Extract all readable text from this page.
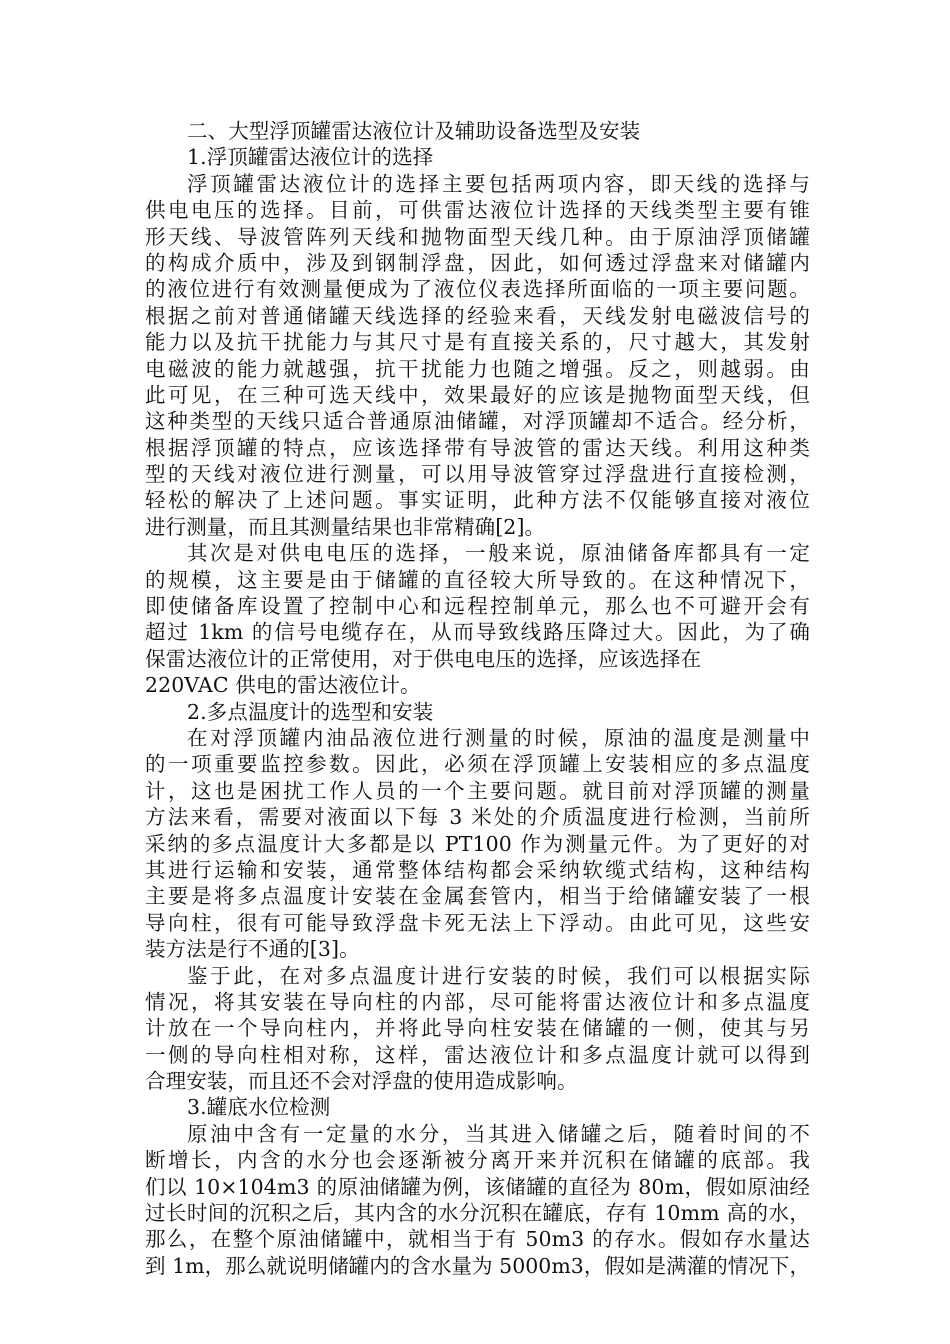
二、大型浮顶罐雷达液位计及辅助设备选型及安装
1.浮顶罐雷达液位计的选择
浮顶罐雷达液位计的选择主要包括两项内容，即天线的选择与
供电电压的选择。目前，可供雷达液位计选择的天线类型主要有锥
形天线、导波管阵列天线和抛物面型天线几种。由于原油浮顶储罐
的构成介质中，涉及到钢制浮盘，因此，如何透过浮盘来对储罐内
的液位进行有效测量便成为了液位仪表选择所面临的一项主要问题。
根据之前对普通储罐天线选择的经验来看，天线发射电磁波信号的
能力以及抗干扰能力与其尺寸是有直接关系的，尺寸越大，其发射
电磁波的能力就越强，抗干扰能力也随之增强。反之，则越弱。由
此可见，在三种可选天线中，效果最好的应该是抛物面型天线，但
这种类型的天线只适合普通原油储罐，对浮顶罐却不适合。经分析，
根据浮顶罐的特点，应该选择带有导波管的雷达天线。利用这种类
型的天线对液位进行测量，可以用导波管穿过浮盘进行直接检测，
轻松的解决了上述问题。事实证明，此种方法不仅能够直接对液位
进行测量，而且其测量结果也非常精确[2]。
其次是对供电电压的选择，一般来说，原油储备库都具有一定
的规模，这主要是由于储罐的直径较大所导致的。在这种情况下，
即使储备库设置了控制中心和远程控制单元，那么也不可避开会有
超过 1km 的信号电缆存在，从而导致线路压降过大。因此，为了确
保雷达液位计的正常使用，对于供电电压的选择，应该选择在
220VAC 供电的雷达液位计。
2.多点温度计的选型和安装
在对浮顶罐内油品液位进行测量的时候，原油的温度是测量中
的一项重要监控参数。因此，必须在浮顶罐上安装相应的多点温度
计，这也是困扰工作人员的一个主要问题。就目前对浮顶罐的测量
方法来看，需要对液面以下每 3 米处的介质温度进行检测，当前所
采纳的多点温度计大多都是以 PT100 作为测量元件。为了更好的对
其进行运输和安装，通常整体结构都会采纳软缆式结构，这种结构
主要是将多点温度计安装在金属套管内，相当于给储罐安装了一根
导向柱，很有可能导致浮盘卡死无法上下浮动。由此可见，这些安
装方法是行不通的[3]。
鉴于此，在对多点温度计进行安装的时候，我们可以根据实际
情况，将其安装在导向柱的内部，尽可能将雷达液位计和多点温度
计放在一个导向柱内，并将此导向柱安装在储罐的一侧，使其与另
一侧的导向柱相对称，这样，雷达液位计和多点温度计就可以得到
合理安装，而且还不会对浮盘的使用造成影响。
3.罐底水位检测
原油中含有一定量的水分，当其进入储罐之后，随着时间的不
断增长，内含的水分也会逐渐被分离开来并沉积在储罐的底部。我
们以 10×104m3 的原油储罐为例，该储罐的直径为 80m，假如原油经
过长时间的沉积之后，其内含的水分沉积在罐底，存有 10mm 高的水，
那么，在整个原油储罐中，就相当于有 50m3 的存水。假如存水量达
到 1m，那么就说明储罐内的含水量为 5000m3，假如是满灌的情况下，
